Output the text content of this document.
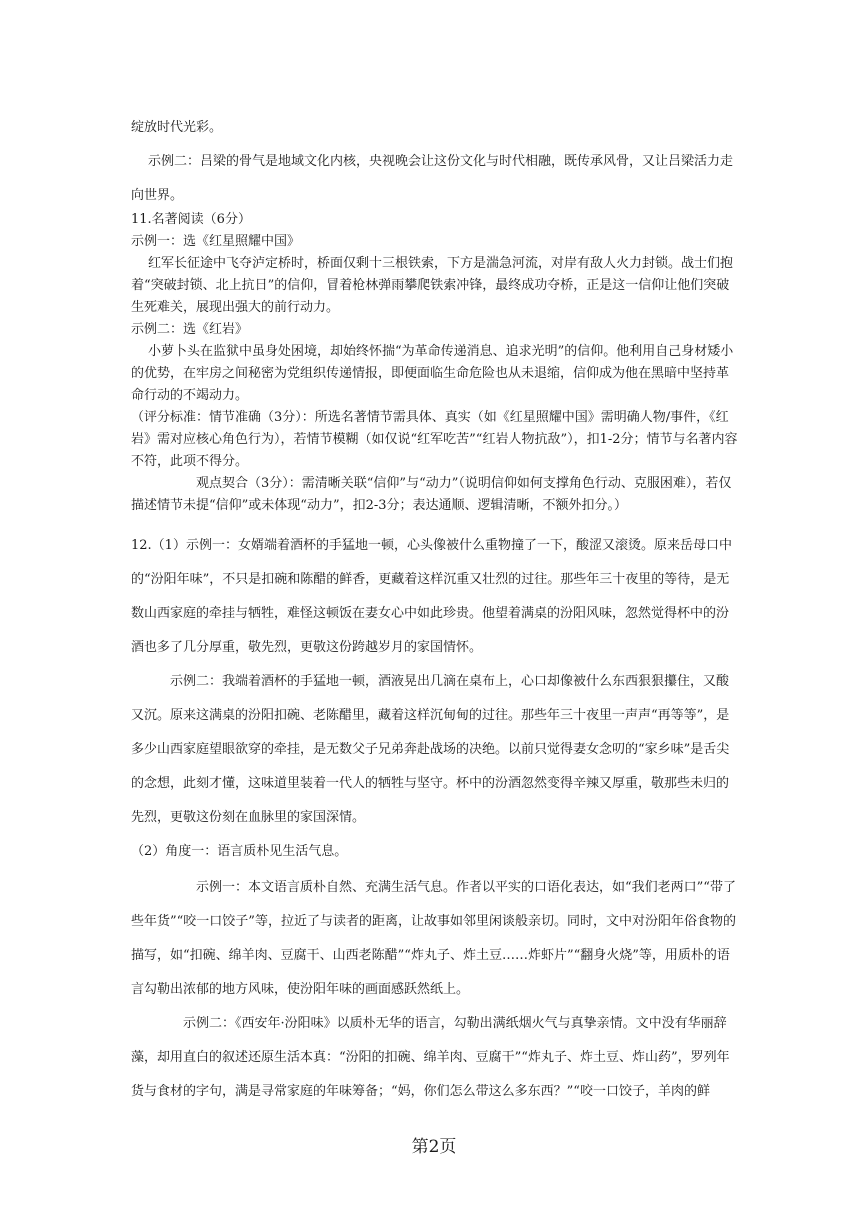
绽放时代光彩。

示例二：吕梁的骨气是地域文化内核，央视晚会让这份文化与时代相融，既传承风骨，又让吕梁活力走向世界。

11.名著阅读（6分）

示例一：选《红星照耀中国》

红军长征途中飞夺泸定桥时，桥面仅剩十三根铁索，下方是湍急河流，对岸有敌人火力封锁。战士们抱着“突破封锁、北上抗日”的信仰，冒着枪林弹雨攀爬铁索冲锋，最终成功夺桥，正是这一信仰让他们突破生死难关，展现出强大的前行动力。

示例二：选《红岩》

小萝卜头在监狱中虽身处困境，却始终怀揣“为革命传递消息、追求光明”的信仰。他利用自己身材矮小的优势，在牢房之间秘密为党组织传递情报，即便面临生命危险也从未退缩，信仰成为他在黑暗中坚持革命行动的不竭动力。

（评分标准：情节准确（3分）：所选名著情节需具体、真实（如《红星照耀中国》需明确人物/事件，《红岩》需对应核心角色行为），若情节模糊（如仅说“红军吃苦”“红岩人物抗敌”），扣1-2分；情节与名著内容不符，此项不得分。

观点契合（3分）：需清晰关联“信仰”与“动力”（说明信仰如何支撑角色行动、克服困难），若仅描述情节未提“信仰”或未体现“动力”，扣2-3分；表达通顺、逻辑清晰，不额外扣分。）

12.（1）示例一：女婿端着酒杯的手猛地一顿，心头像被什么重物撞了一下，酸涩又滚烫。原来岳母口中的“汾阳年味”，不只是扣碗和陈醋的鲜香，更藏着这样沉重又壮烈的过往。那些年三十夜里的等待，是无数山西家庭的牵挂与牺牲，难怪这顿饭在妻女心中如此珍贵。他望着满桌的汾阳风味，忽然觉得杯中的汾酒也多了几分厚重，敬先烈，更敬这份跨越岁月的家国情怀。

示例二：我端着酒杯的手猛地一顿，酒液晃出几滴在桌布上，心口却像被什么东西狠狠攥住，又酸又沉。原来这满桌的汾阳扣碗、老陈醋里，藏着这样沉甸甸的过往。那些年三十夜里一声声“再等等”，是多少山西家庭望眼欲穿的牵挂，是无数父子兄弟奔赴战场的决绝。以前只觉得妻女念叨的“家乡味”是舌尖的念想，此刻才懂，这味道里装着一代人的牺牲与坚守。杯中的汾酒忽然变得辛辣又厚重，敬那些未归的先烈，更敬这份刻在血脉里的家国深情。

（2）角度一：语言质朴见生活气息。

示例一：本文语言质朴自然、充满生活气息。作者以平实的口语化表达，如“我们老两口”“带了些年货”“咬一口饺子”等，拉近了与读者的距离，让故事如邻里闲谈般亲切。同时，文中对汾阳年俗食物的描写，如“扣碗、绵羊肉、豆腐干、山西老陈醋”“炸丸子、炸土豆……炸虾片”“翻身火烧”等，用质朴的语言勾勒出浓郁的地方风味，使汾阳年味的画面感跃然纸上。

示例二：《西安年·汾阳味》以质朴无华的语言，勾勒出满纸烟火气与真挚亲情。文中没有华丽辞藻，却用直白的叙述还原生活本真：“汾阳的扣碗、绵羊肉、豆腐干”“炸丸子、炸土豆、炸山药”，罗列年货与食材的字句，满是寻常家庭的年味筹备；“妈，你们怎么带这么多东西？”“咬一口饺子，羊肉的鲜

第2页
